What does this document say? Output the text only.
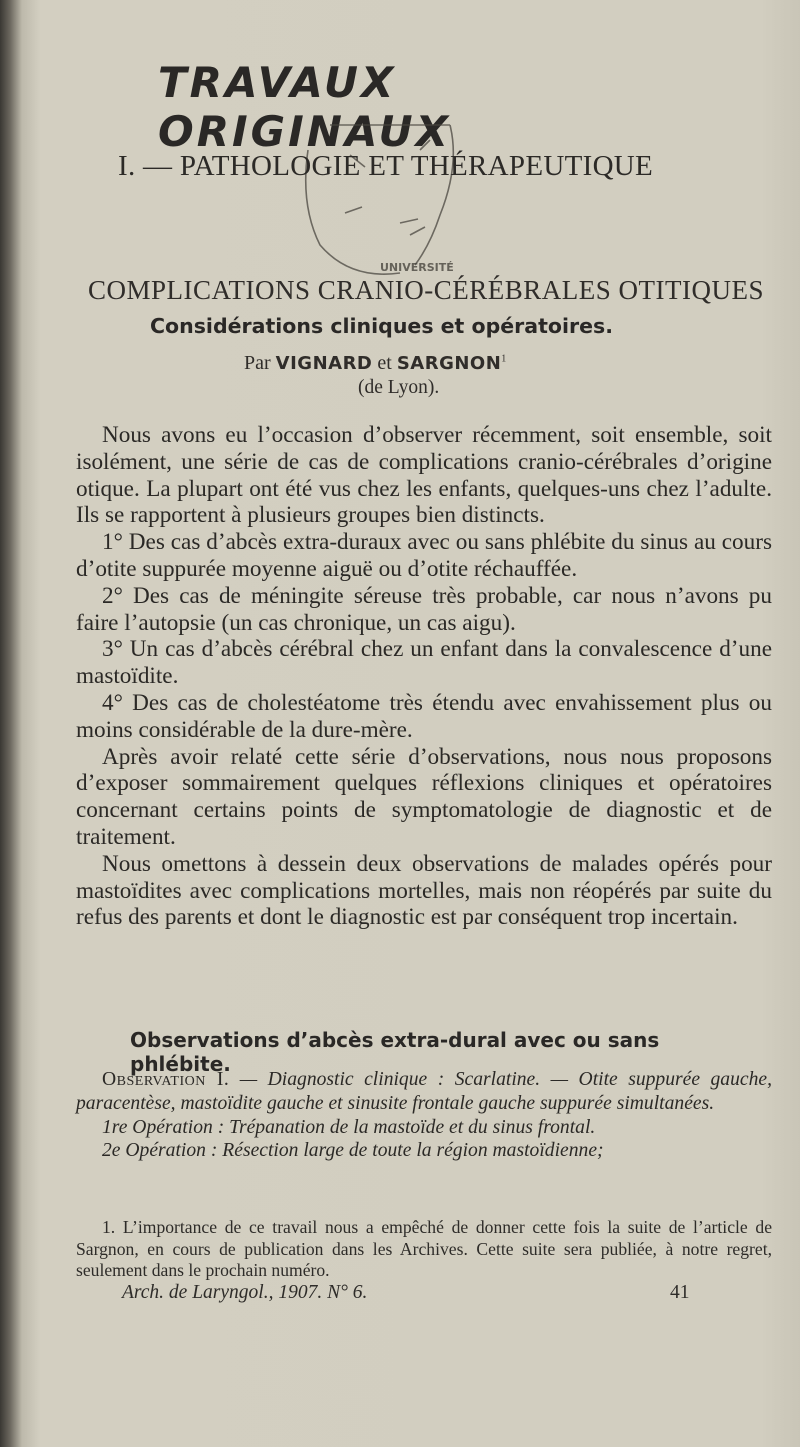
TRAVAUX ORIGINAUX
UNIVERSITÉ
I. — PATHOLOGIE ET THÉRAPEUTIQUE
COMPLICATIONS CRANIO-CÉRÉBRALES OTITIQUES
Considérations cliniques et opératoires.
Par VIGNARD et SARGNON$^1$
(de Lyon).

Nous avons eu l’occasion d’observer récemment, soit ensemble, soit isolément, une série de cas de complications cranio-cérébrales d’origine otique. La plupart ont été vus chez les enfants, quelques-uns chez l’adulte. Ils se rapportent à plusieurs groupes bien distincts.

1° Des cas d’abcès extra-duraux avec ou sans phlébite du sinus au cours d’otite suppurée moyenne aiguë ou d’otite réchauffée.

2° Des cas de méningite séreuse très probable, car nous n’avons pu faire l’autopsie (un cas chronique, un cas aigu).

3° Un cas d’abcès cérébral chez un enfant dans la convalescence d’une mastoïdite.

4° Des cas de cholestéatome très étendu avec envahissement plus ou moins considérable de la dure-mère.

Après avoir relaté cette série d’observations, nous nous proposons d’exposer sommairement quelques réflexions cliniques et opératoires concernant certains points de symptomatologie de diagnostic et de traitement.

Nous omettons à dessein deux observations de malades opérés pour mastoïdites avec complications mortelles, mais non réopérés par suite du refus des parents et dont le diagnostic est par conséquent trop incertain.

Observations d’abcès extra-dural avec ou sans phlébite.

Observation I. — Diagnostic clinique : Scarlatine. — Otite suppurée gauche, paracentèse, mastoïdite gauche et sinusite frontale gauche suppurée simultanées.

1re Opération : Trépanation de la mastoïde et du sinus frontal.

2e Opération : Résection large de toute la région mastoïdienne;

1. L’importance de ce travail nous a empêché de donner cette fois la suite de l’article de Sargnon, en cours de publication dans les Archives. Cette suite sera publiée, à notre regret, seulement dans le prochain numéro.

Arch. de Laryngol., 1907. N° 6.	41
